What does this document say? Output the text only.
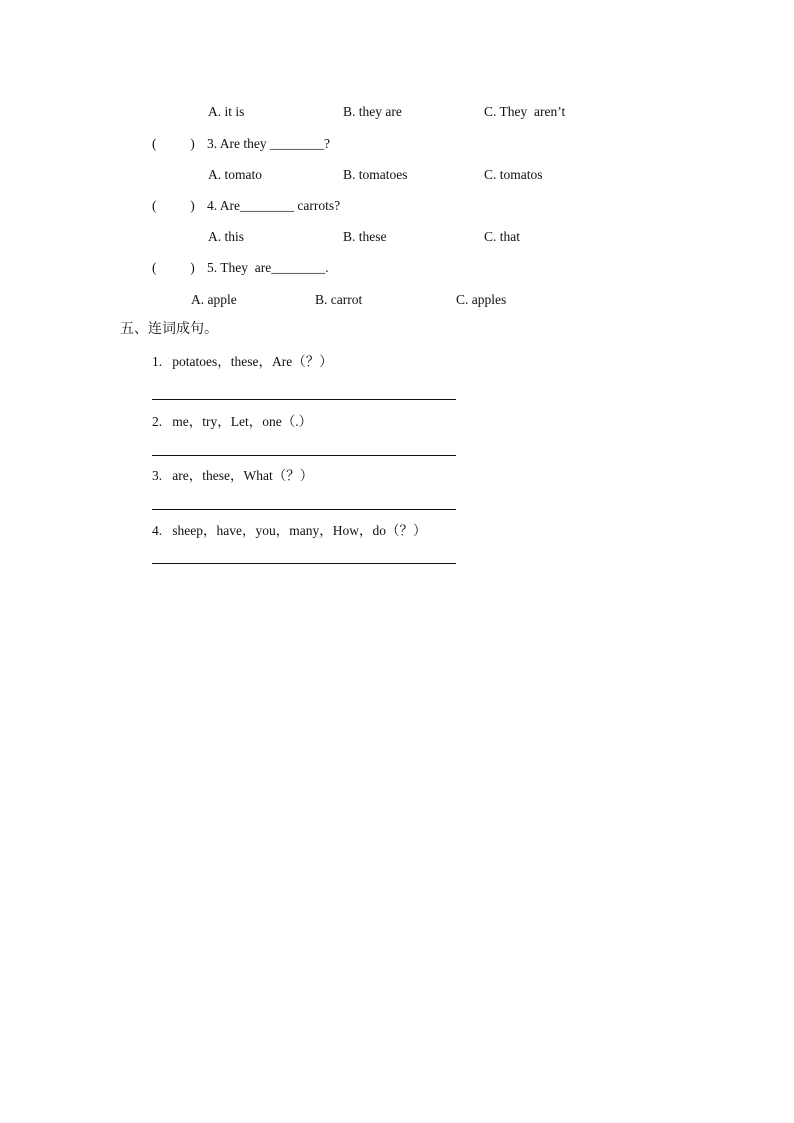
A. it is	B. they are	C. They  aren’t
(          ) 3. Are they ________?
A. tomato	B. tomatoes	C. tomatos
(          ) 4. Are________ carrots?
A. this	B. these	C. that
(          ) 5. They  are________.
A. apple	B. carrot	C. apples
五、连词成句。
1.   potatoes，these，Are（？）
2.   me，try，Let，one（.）
3.   are，these，What（？）
4.   sheep，have，you，many，How，do（？）
